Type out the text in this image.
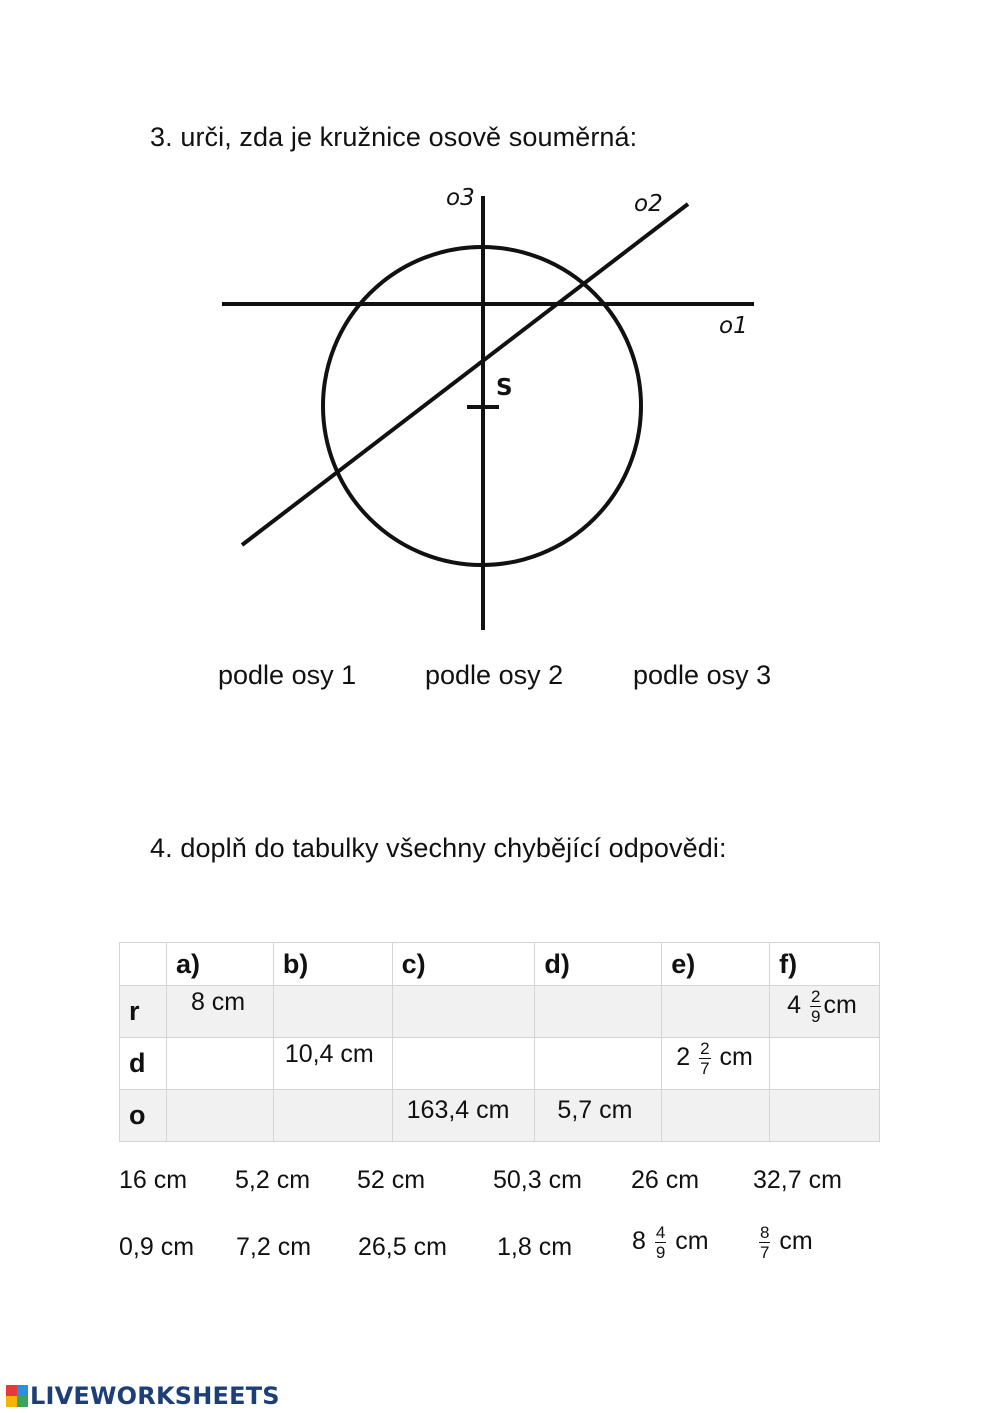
3. urči, zda je kružnice osově souměrná:
o3	o2
o1
S
podle osy 1	podle osy 2	podle osy 3
4. doplň do tabulky všechny chybějící odpovědi:
	a)	b)	c)	d)	e)	f)
r	8 cm					$4 \frac{2}{9}$ cm

d		10,4 cm			$2 \frac{2}{7}$ cm	

o			163,4 cm	5,7 cm		

16 cm 5,2 cm 52 cm	50,3 cm 26 cm 32,7 cm
0,9 cm 7,2 cm 26,5 cm 1,8 cm $8 \frac{4}{9}$ cm	$\frac{8}{7}$ cm
LIVEWORKSHEETS
